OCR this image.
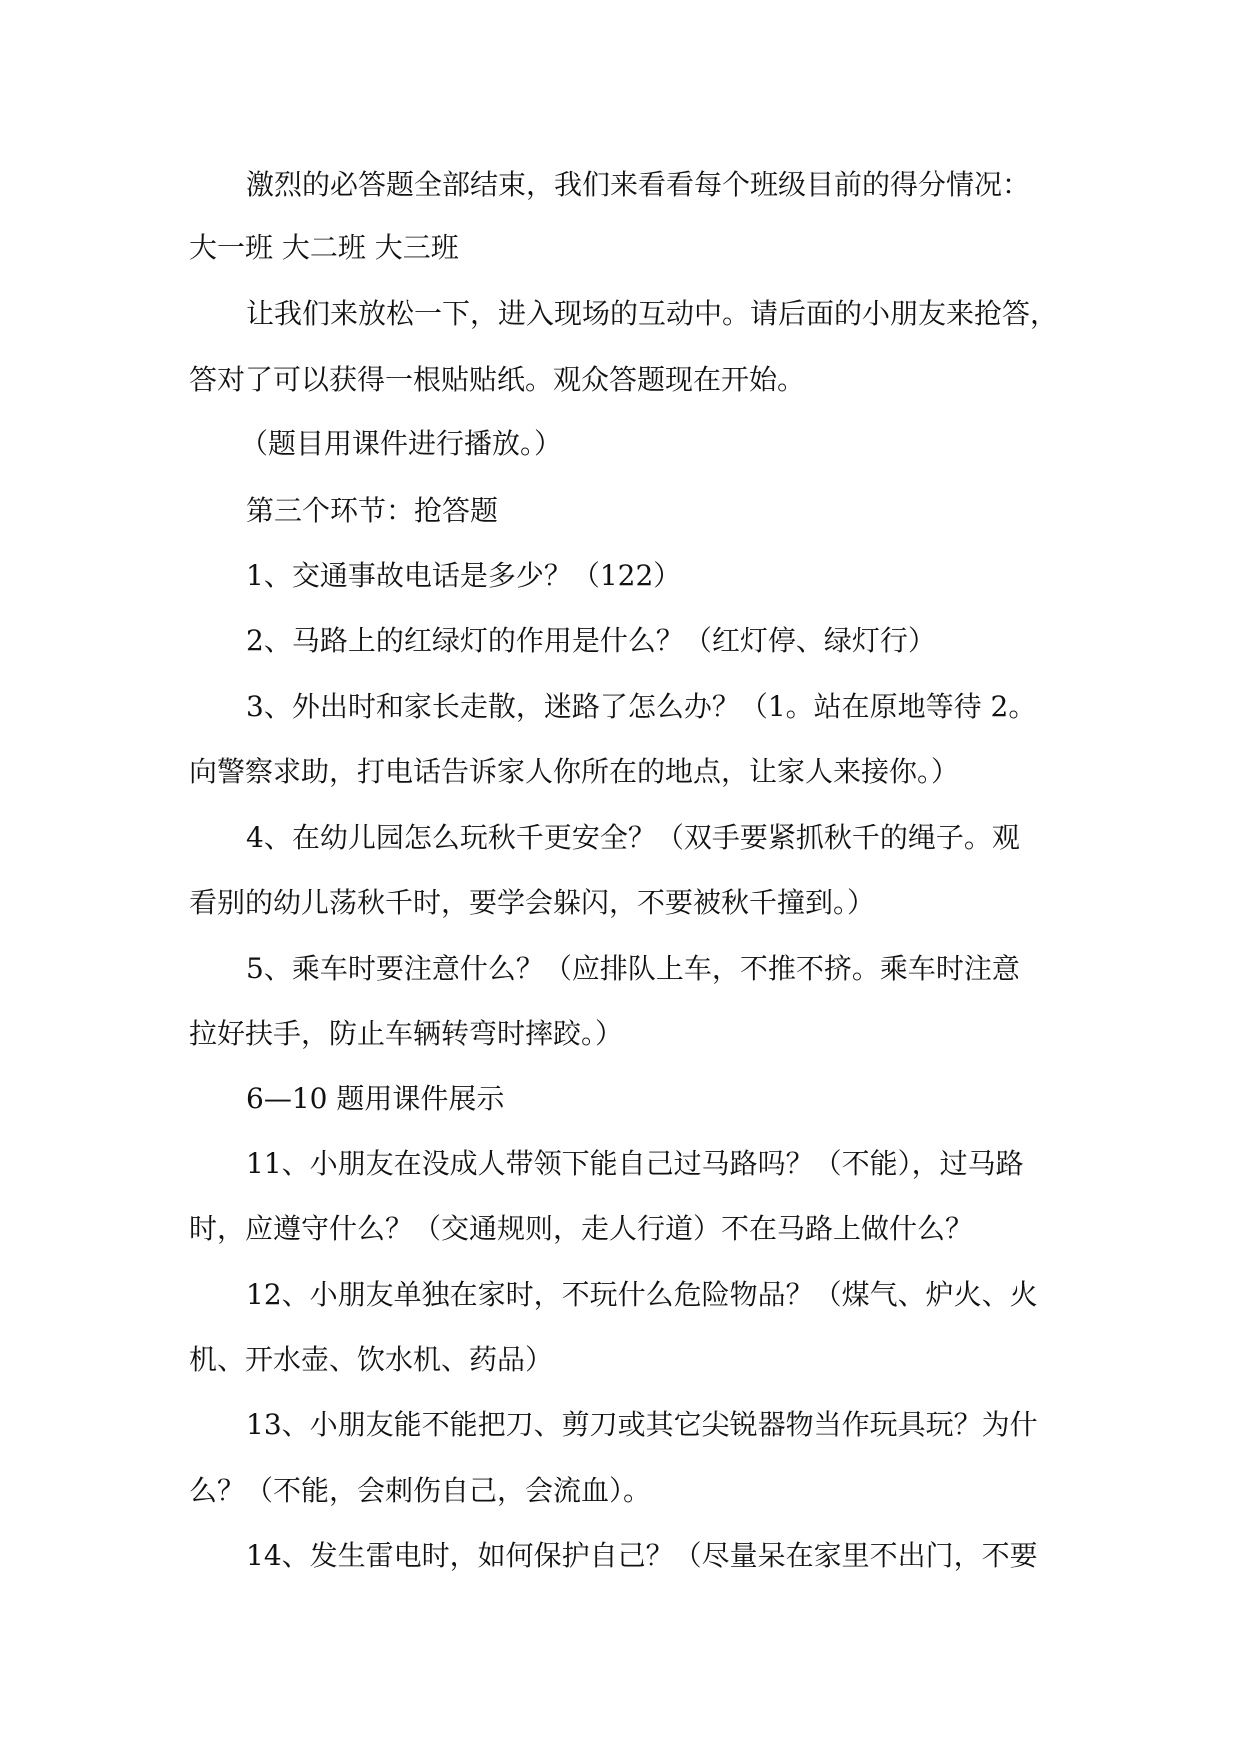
激烈的必答题全部结束，我们来看看每个班级目前的得分情况：
大一班 大二班 大三班
让我们来放松一下，进入现场的互动中。请后面的小朋友来抢答，
答对了可以获得一根贴贴纸。观众答题现在开始。
（题目用课件进行播放。）
第三个环节：抢答题
1、交通事故电话是多少？（122）
2、马路上的红绿灯的作用是什么？（红灯停、绿灯行）
3、外出时和家长走散，迷路了怎么办？（1。站在原地等待 2。
向警察求助，打电话告诉家人你所在的地点，让家人来接你。）
4、在幼儿园怎么玩秋千更安全？（双手要紧抓秋千的绳子。观
看别的幼儿荡秋千时，要学会躲闪，不要被秋千撞到。）
5、乘车时要注意什么？（应排队上车，不推不挤。乘车时注意
拉好扶手，防止车辆转弯时摔跤。）
6—10 题用课件展示
11、小朋友在没成人带领下能自己过马路吗？（不能），过马路
时，应遵守什么？（交通规则，走人行道）不在马路上做什么？
12、小朋友单独在家时，不玩什么危险物品？（煤气、炉火、火
机、开水壶、饮水机、药品）
13、小朋友能不能把刀、剪刀或其它尖锐器物当作玩具玩？为什
么？（不能，会刺伤自己，会流血）。
14、发生雷电时，如何保护自己？（尽量呆在家里不出门，不要
